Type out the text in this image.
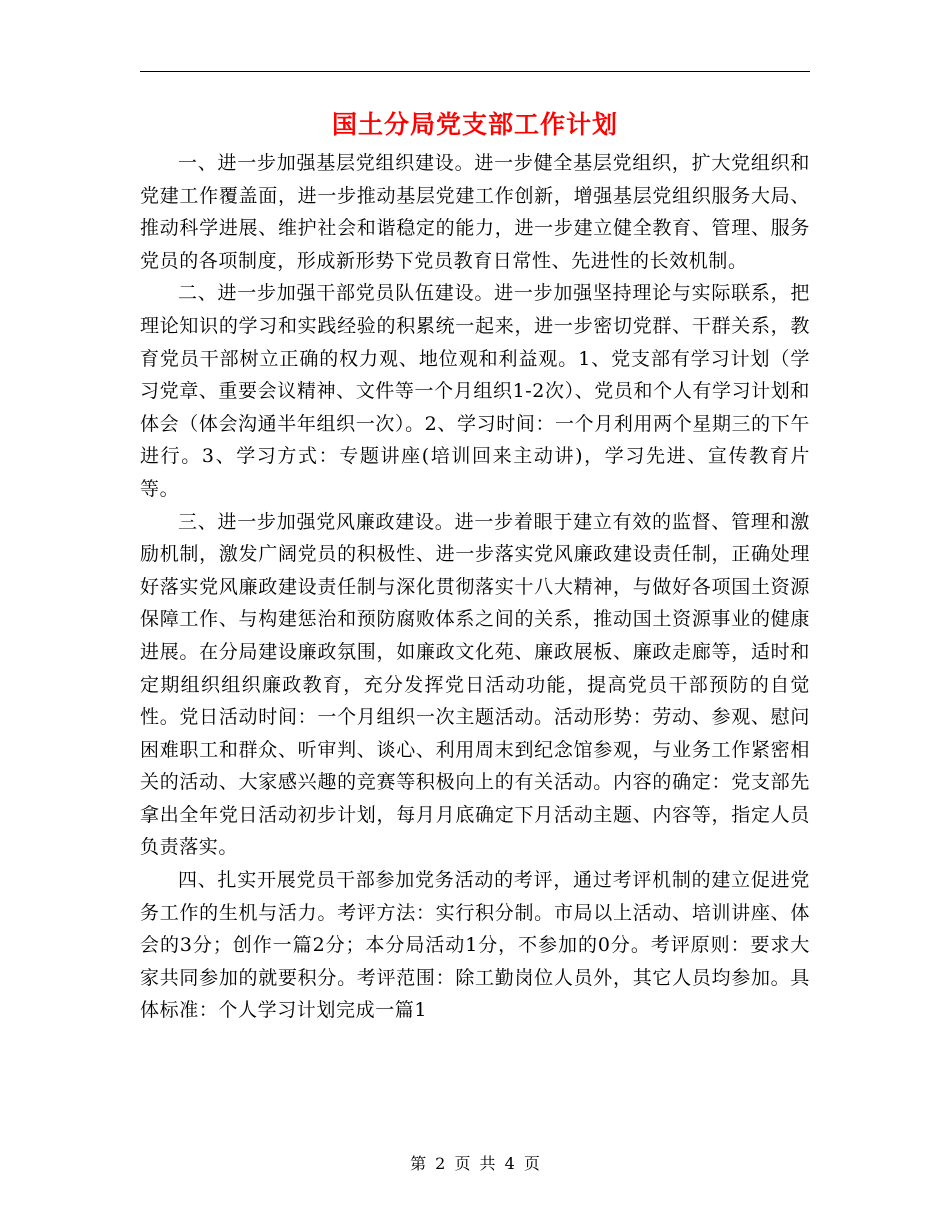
国土分局党支部工作计划

一、进一步加强基层党组织建设。进一步健全基层党组织，扩大党组织和党建工作覆盖面，进一步推动基层党建工作创新，增强基层党组织服务大局、推动科学进展、维护社会和谐稳定的能力，进一步建立健全教育、管理、服务党员的各项制度，形成新形势下党员教育日常性、先进性的长效机制。

二、进一步加强干部党员队伍建设。进一步加强坚持理论与实际联系，把理论知识的学习和实践经验的积累统一起来，进一步密切党群、干群关系，教育党员干部树立正确的权力观、地位观和利益观。1、党支部有学习计划（学习党章、重要会议精神、文件等一个月组织1-2次）、党员和个人有学习计划和体会（体会沟通半年组织一次）。2、学习时间：一个月利用两个星期三的下午进行。3、学习方式：专题讲座(培训回来主动讲)，学习先进、宣传教育片等。

三、进一步加强党风廉政建设。进一步着眼于建立有效的监督、管理和激励机制，激发广阔党员的积极性、进一步落实党风廉政建设责任制，正确处理好落实党风廉政建设责任制与深化贯彻落实十八大精神，与做好各项国土资源保障工作、与构建惩治和预防腐败体系之间的关系，推动国土资源事业的健康进展。在分局建设廉政氛围，如廉政文化苑、廉政展板、廉政走廊等，适时和定期组织组织廉政教育，充分发挥党日活动功能，提高党员干部预防的自觉性。党日活动时间：一个月组织一次主题活动。活动形势：劳动、参观、慰问困难职工和群众、听审判、谈心、利用周末到纪念馆参观，与业务工作紧密相关的活动、大家感兴趣的竞赛等积极向上的有关活动。内容的确定：党支部先拿出全年党日活动初步计划，每月月底确定下月活动主题、内容等，指定人员负责落实。

四、扎实开展党员干部参加党务活动的考评，通过考评机制的建立促进党务工作的生机与活力。考评方法：实行积分制。市局以上活动、培训讲座、体会的3分；创作一篇2分；本分局活动1分，不参加的0分。考评原则：要求大家共同参加的就要积分。考评范围：除工勤岗位人员外，其它人员均参加。具体标准：个人学习计划完成一篇1

第 2 页 共 4 页
